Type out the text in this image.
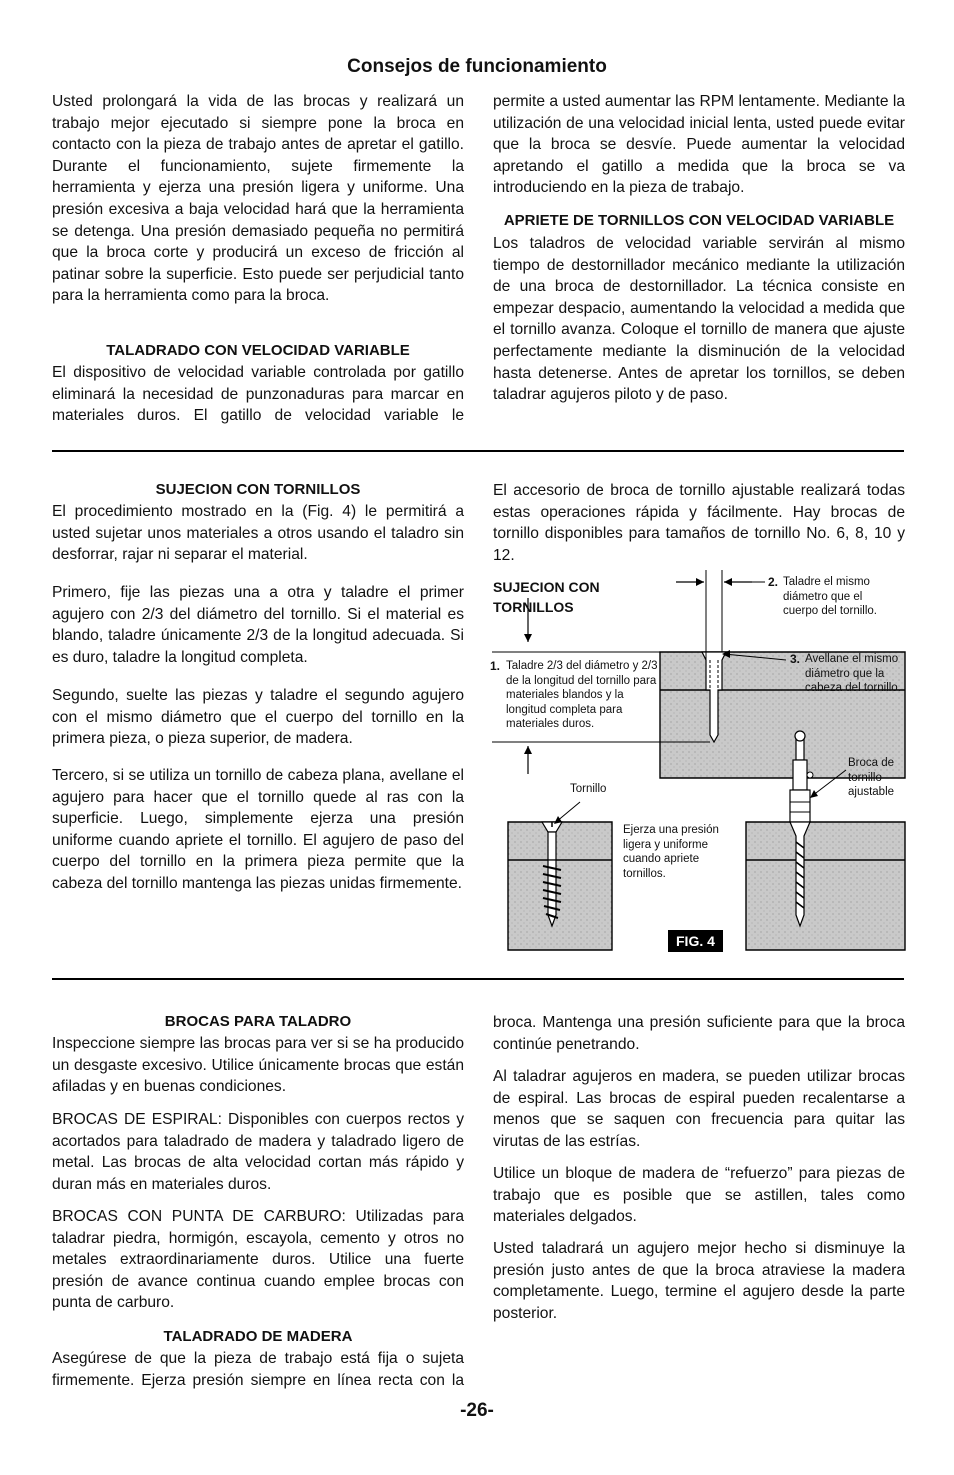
Consejos de funcionamiento

Usted prolongará la vida de las brocas y realizará un trabajo mejor ejecutado si siempre pone la broca en contacto con la pieza de trabajo antes de apretar el gatillo. Durante el funcionamiento, sujete firmemente la herramienta y ejerza una presión ligera y uniforme. Una presión excesiva a baja velocidad hará que la herramienta se detenga. Una presión demasiado pequeña no permitirá que la broca corte y producirá un exceso de fricción al patinar sobre la superficie. Esto puede ser perjudicial tanto para la herramienta como para la broca.

TALADRADO CON VELOCIDAD VARIABLE

El dispositivo de velocidad variable controlada por gatillo eliminará la necesidad de punzonaduras para marcar en materiales duros. El gatillo de velocidad variable le

permite a usted aumentar las RPM lentamente. Mediante la utilización de una velocidad inicial lenta, usted puede evitar que la broca se desvíe. Puede aumentar la velocidad apretando el gatillo a medida que la broca se va introduciendo en la pieza de trabajo.

APRIETE DE TORNILLOS CON VELOCIDAD VARIABLE

Los taladros de velocidad variable servirán al mismo tiempo de destornillador mecánico mediante la utilización de una broca de destornillador. La técnica consiste en empezar despacio, aumentando la velocidad a medida que el tornillo avanza. Coloque el tornillo de manera que ajuste perfectamente mediante la disminución de la velocidad hasta detenerse. Antes de apretar los tornillos, se deben taladrar agujeros piloto y de paso.

SUJECION CON TORNILLOS

El procedimiento mostrado en la (Fig. 4) le permitirá a usted sujetar unos materiales a otros usando el taladro sin desforrar, rajar ni separar el material.

Primero, fije las piezas una a otra y taladre el primer agujero con 2/3 del diámetro del tornillo. Si el material es blando, taladre únicamente 2/3 de la longitud adecuada. Si es duro, taladre la longitud completa.

Segundo, suelte las piezas y taladre el segundo agujero con el mismo diámetro que el cuerpo del tornillo en la primera pieza, o pieza superior, de madera.

Tercero, si se utiliza un tornillo de cabeza plana, avellane el agujero para hacer que el tornillo quede al ras con la superficie. Luego, simplemente ejerza una presión uniforme cuando apriete el tornillo. El agujero de paso del cuerpo del tornillo en la primera pieza permite que la cabeza del tornillo mantenga las piezas unidas firmemente.

El accesorio de broca de tornillo ajustable realizará todas estas operaciones rápida y fácilmente. Hay brocas de tornillo disponibles para tamaños de tornillo No. 6, 8, 10 y 12.

SUJECION CON

TORNILLOS

1. Taladre 2/3 del diámetro y 2/3 de la longitud del tornillo para materiales blandos y la longitud completa para materiales duros.
2. Taladre el mismo diámetro que el cuerpo del tornillo.
3. Avellane el mismo diámetro que la cabeza del tornillo.

Tornillo

Ejerza una presión ligera y uniforme cuando apriete tornillos.

Broca de tornillo ajustable

FIG. 4

BROCAS PARA TALADRO

Inspeccione siempre las brocas para ver si se ha producido un desgaste excesivo. Utilice únicamente brocas que están afiladas y en buenas condiciones.

BROCAS DE ESPIRAL: Disponibles con cuerpos rectos y acortados para taladrado de madera y taladrado ligero de metal. Las brocas de alta velocidad cortan más rápido y duran más en materiales duros.

BROCAS CON PUNTA DE CARBURO: Utilizadas para taladrar piedra, hormigón, escayola, cemento y otros no metales extraordinariamente duros. Utilice una fuerte presión de avance continua cuando emplee brocas con punta de carburo.

TALADRADO DE MADERA

Asegúrese de que la pieza de trabajo está fija o sujeta firmemente. Ejerza presión siempre en línea recta con la

broca. Mantenga una presión suficiente para que la broca continúe penetrando.

Al taladrar agujeros en madera, se pueden utilizar brocas de espiral. Las brocas de espiral pueden recalentarse a menos que se saquen con frecuencia para quitar las virutas de las estrías.

Utilice un bloque de madera de “refuerzo” para piezas de trabajo que es posible que se astillen, tales como materiales delgados.

Usted taladrará un agujero mejor hecho si disminuye la presión justo antes de que la broca atraviese la madera completamente. Luego, termine el agujero desde la parte posterior.

-26-
